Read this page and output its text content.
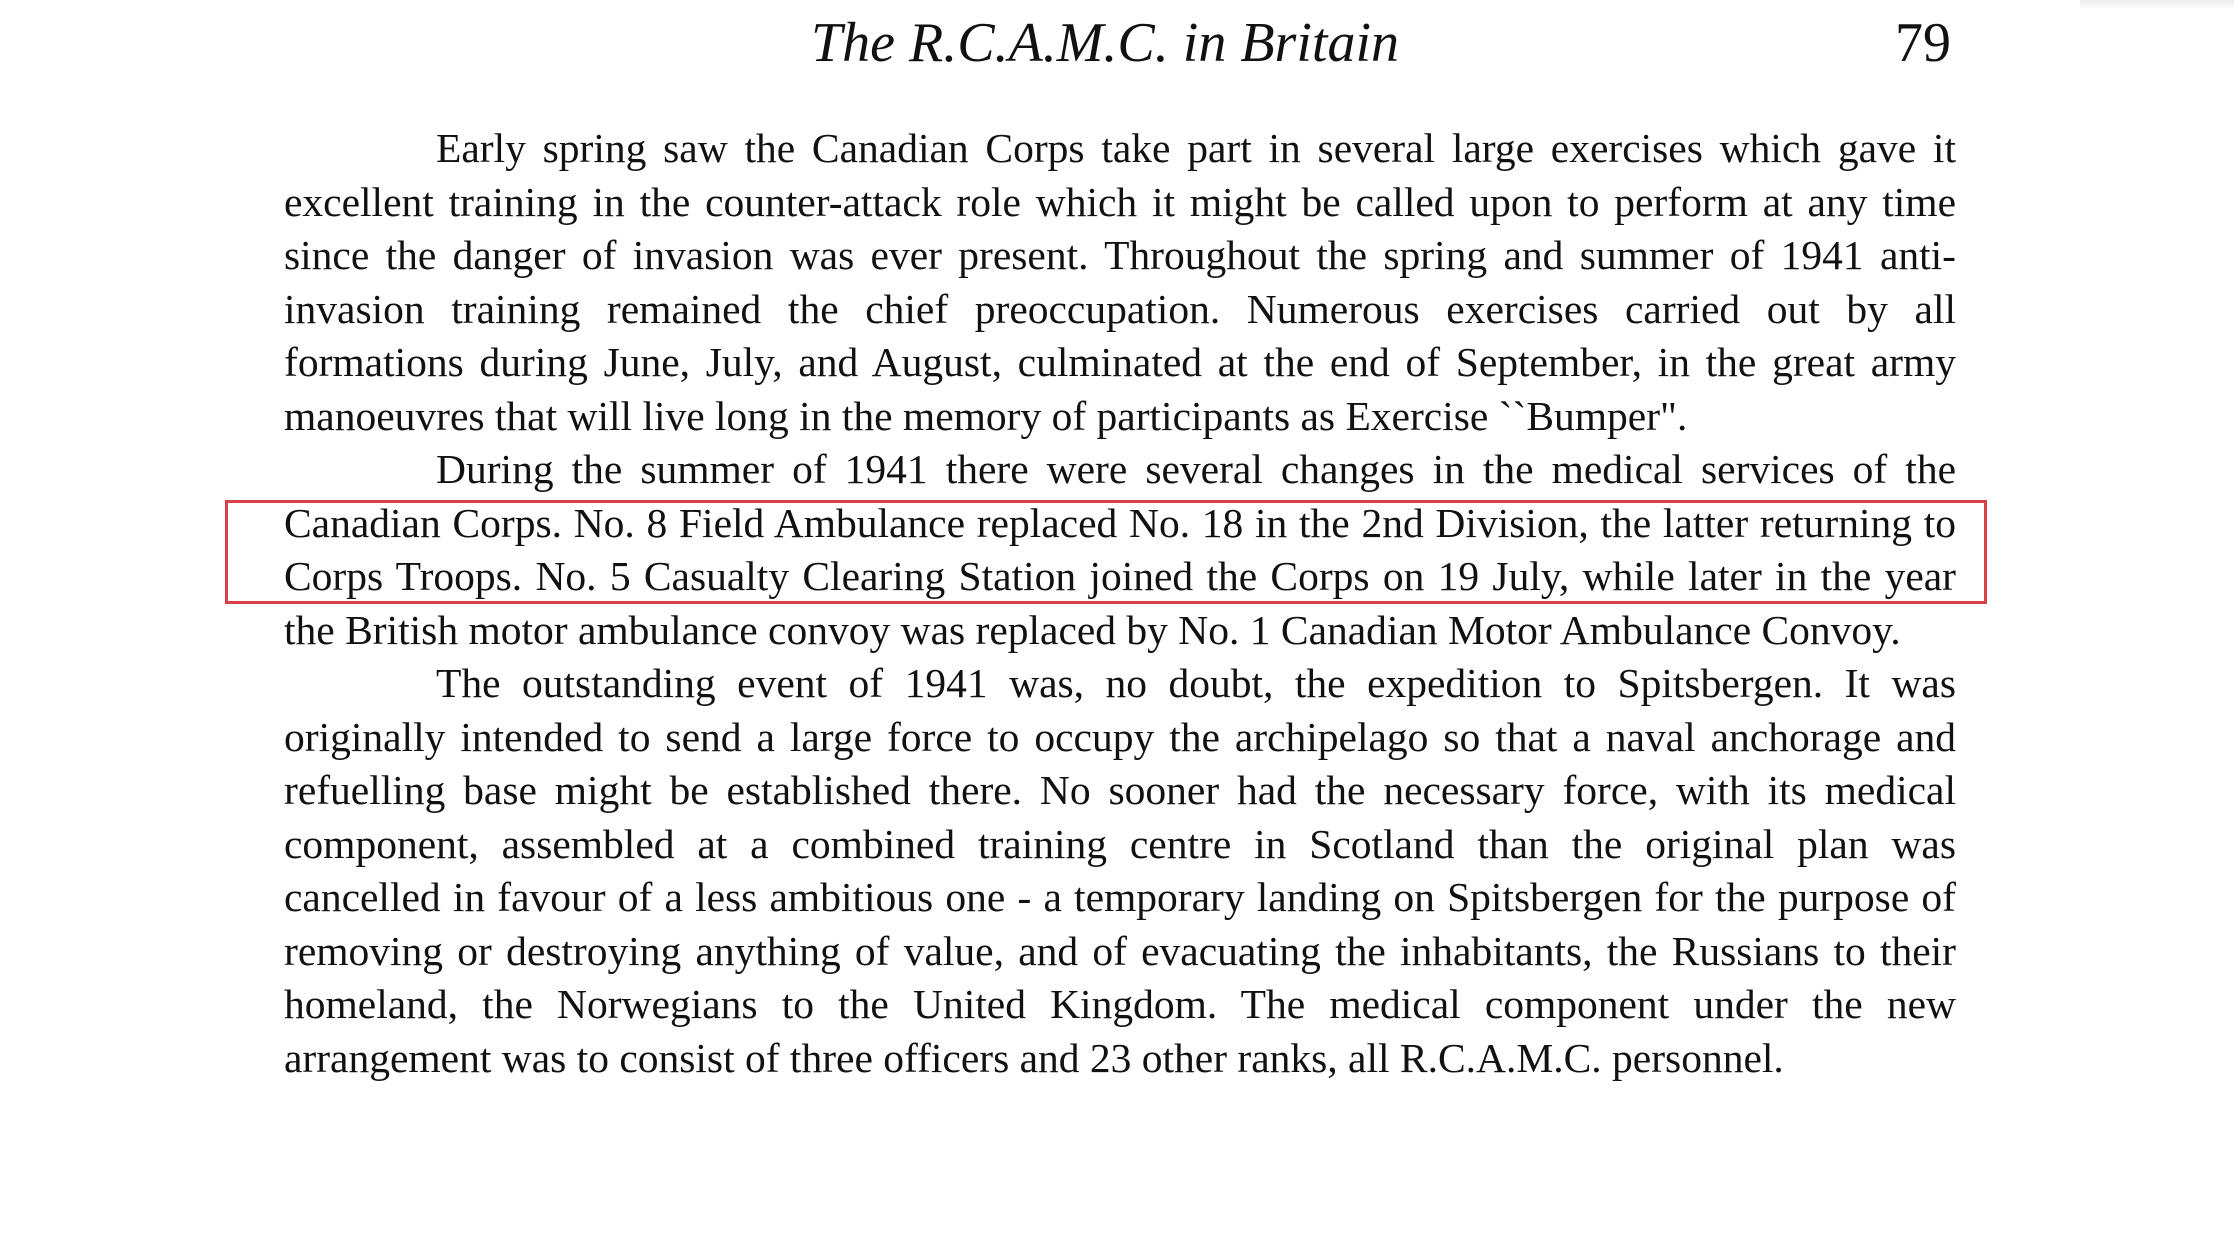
The R.C.A.M.C. in Britain	79

Early spring saw the Canadian Corps take part in several large exercises which gave it excellent training in the counter-attack role which it might be called upon to perform at any time since the danger of invasion was ever present. Throughout the spring and summer of 1941 anti-invasion training remained the chief preoccupation. Numerous exercises carried out by all formations during June, July, and August, culminated at the end of September, in the great army manoeuvres that will live long in the memory of participants as Exercise ``Bumper".

During the summer of 1941 there were several changes in the medical services of the Canadian Corps. No. 8 Field Ambulance replaced No. 18 in the 2nd Division, the latter returning to Corps Troops. No. 5 Casualty Clearing Station joined the Corps on 19 July, while later in the year the British motor ambulance convoy was replaced by No. 1 Canadian Motor Ambulance Convoy.

The outstanding event of 1941 was, no doubt, the expedition to Spitsbergen. It was originally intended to send a large force to occupy the archipelago so that a naval anchorage and refuelling base might be established there. No sooner had the necessary force, with its medical component, assembled at a combined training centre in Scotland than the original plan was cancelled in favour of a less ambitious one - a temporary landing on Spitsbergen for the purpose of removing or destroying anything of value, and of evacuating the inhabitants, the Russians to their homeland, the Norwegians to the United Kingdom. The medical component under the new arrangement was to consist of three officers and 23 other ranks, all R.C.A.M.C. personnel.
